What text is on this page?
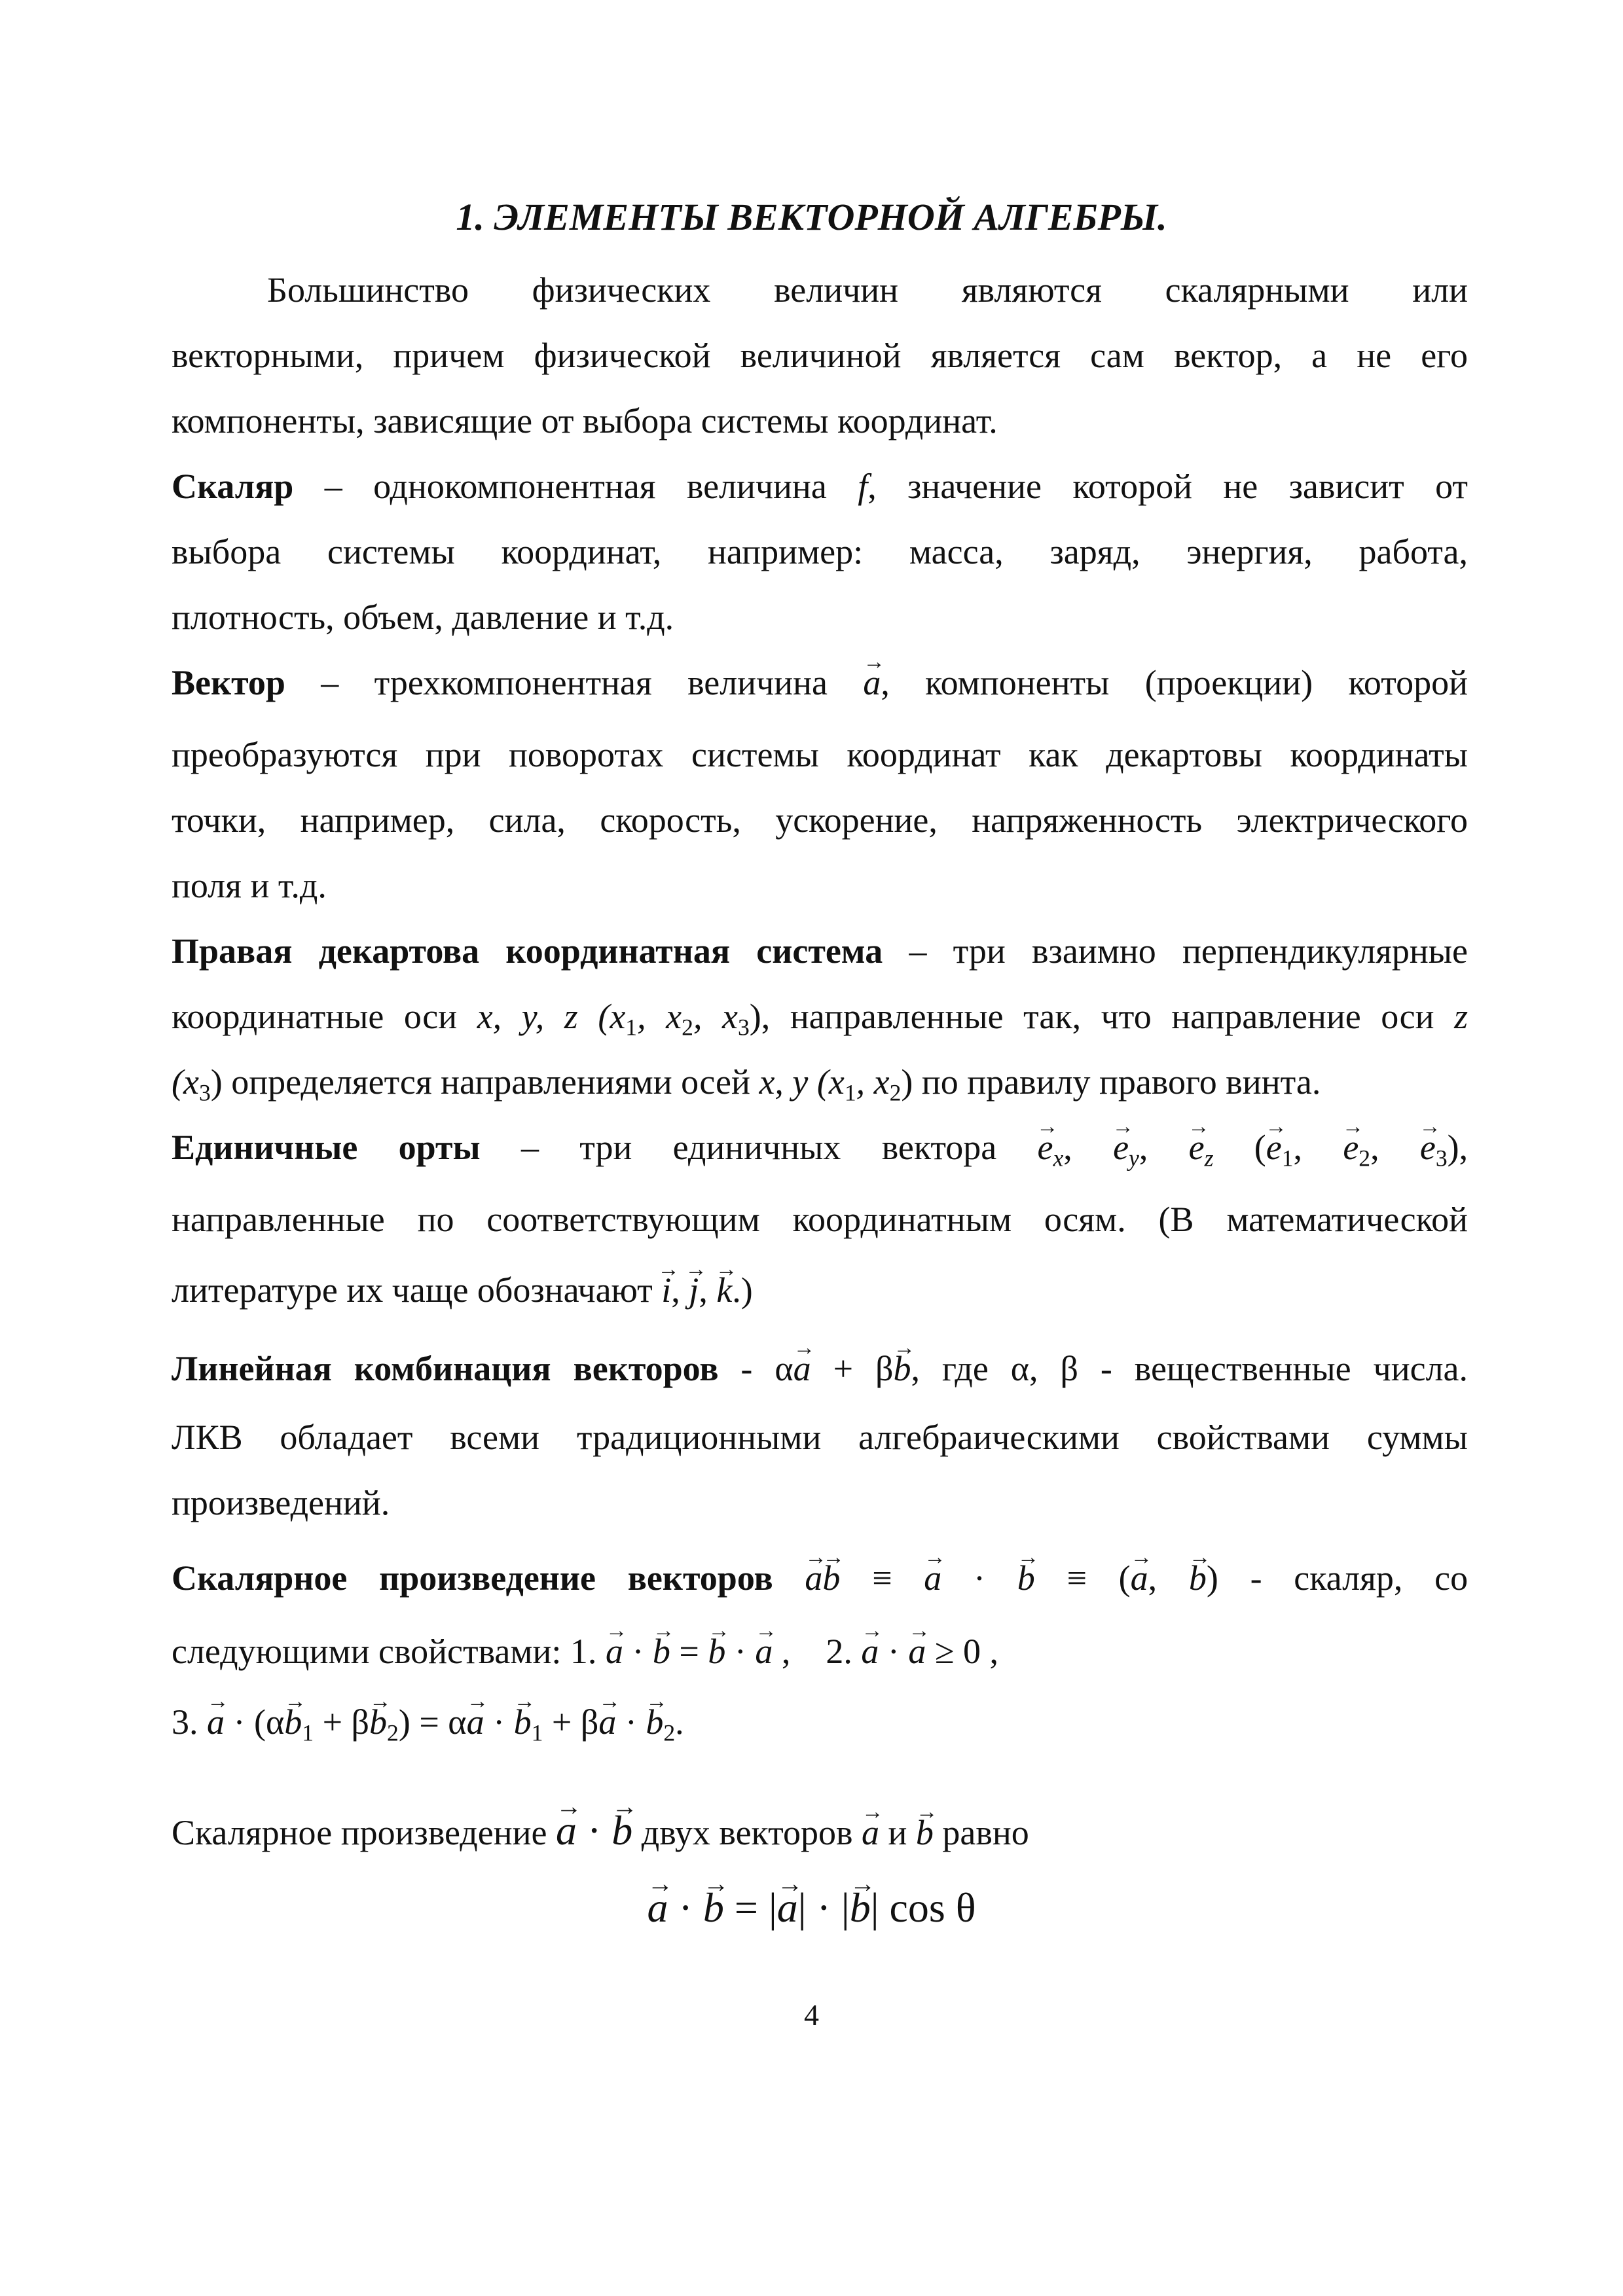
1. ЭЛЕМЕНТЫ ВЕКТОРНОЙ АЛГЕБРЫ.
Большинство физических величин являются скалярными или
векторными, причем физической величиной является сам вектор, а не его
компоненты, зависящие от выбора системы координат.
Скаляр – однокомпонентная величина f, значение которой не зависит от
выбора системы координат, например: масса, заряд, энергия, работа,
плотность, объем, давление и т.д.
Вектор – трехкомпонентная величина → a, компоненты (проекции) которой
преобразуются при поворотах системы координат как декартовы координаты
точки, например, сила, скорость, ускорение, напряженность электрического
поля и т.д.
Правая декартова координатная система – три взаимно перпендикулярные
координатные оси x, y, z ($x_1$, $x_2$, $x_3$), направленные так, что направление оси z
$(x_3)$ определяется направлениями осей x, y ($x_1$, $x_2$) по правилу правого винта.
Единичные орты – три единичных вектора → $e_x$, → $e_y$, → $e_z$ (→ $e_1$, → $e_2$, → $e_3$),
направленные по соответствующим координатным осям. (В математической
литературе их чаще обозначают → i, → j, → k.)
Линейная комбинация векторов - α→ a + β→ b, где α, β - вещественные числа.
ЛКВ обладает всеми традиционными алгебраическими свойствами суммы
произведений.
Скалярное произведение векторов → a→ b ≡ → a · → b ≡ (→ a, → b) - скаляр, со
следующими свойствами: 1. → a · → b = → b · → a ,    2. → a · → a ≥ 0 ,
3. → $a \cdot (\alpha\to b_1 + \beta\to b_2) = \alpha\to a$ · → $b_1 + \beta\to a$ · → $b_2$.
Скалярное произведение → a · → b двух векторов → a и → b равно
→ a · → b = |→ a| · |→ b| cos θ
4
